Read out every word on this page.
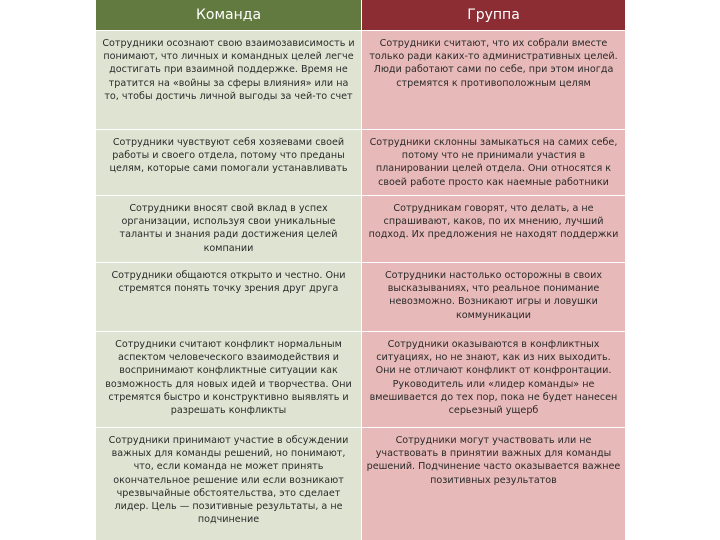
Команда	Группа
Сотрудники осознают свою взаимозависимость и понимают, что личных и командных целей легче достигать при взаимной поддержке. Время не тратится на «войны за сферы влияния» или на то, чтобы достичь личной выгоды за чей-то счет
Сотрудники считают, что их собрали вместе только ради каких-то административных целей. Люди работают сами по себе, при этом иногда стремятся к противоположным целям
Сотрудники чувствуют себя хозяевами своей работы и своего отдела, потому что преданы целям, которые сами помогали устанавливать
Сотрудники склонны замыкаться на самих себе, потому что не принимали участия в планировании целей отдела. Они относятся к своей работе просто как наемные работники
Сотрудники вносят свой вклад в успех организации, используя свои уникальные таланты и знания ради достижения целей компании
Сотрудникам говорят, что делать, а не спрашивают, каков, по их мнению, лучший подход. Их предложения не находят поддержки
Сотрудники общаются открыто и честно. Они стремятся понять точку зрения друг друга
Сотрудники настолько осторожны в своих высказываниях, что реальное понимание невозможно. Возникают игры и ловушки коммуникации
Сотрудники считают конфликт нормальным аспектом человеческого взаимодействия и воспринимают конфликтные ситуации как возможность для новых идей и творчества. Они стремятся быстро и конструктивно выявлять и разрешать конфликты
Сотрудники оказываются в конфликтных ситуациях, но не знают, как из них выходить. Они не отличают конфликт от конфронтации. Руководитель или «лидер команды» не вмешивается до тех пор, пока не будет нанесен серьезный ущерб
Сотрудники принимают участие в обсуждении важных для команды решений, но понимают, что, если команда не может принять окончательное решение или если возникают чрезвычайные обстоятельства, это сделает лидер. Цель — позитивные результаты, а не подчинение
Сотрудники могут участвовать или не участвовать в принятии важных для команды решений. Подчинение часто оказывается важнее позитивных результатов
